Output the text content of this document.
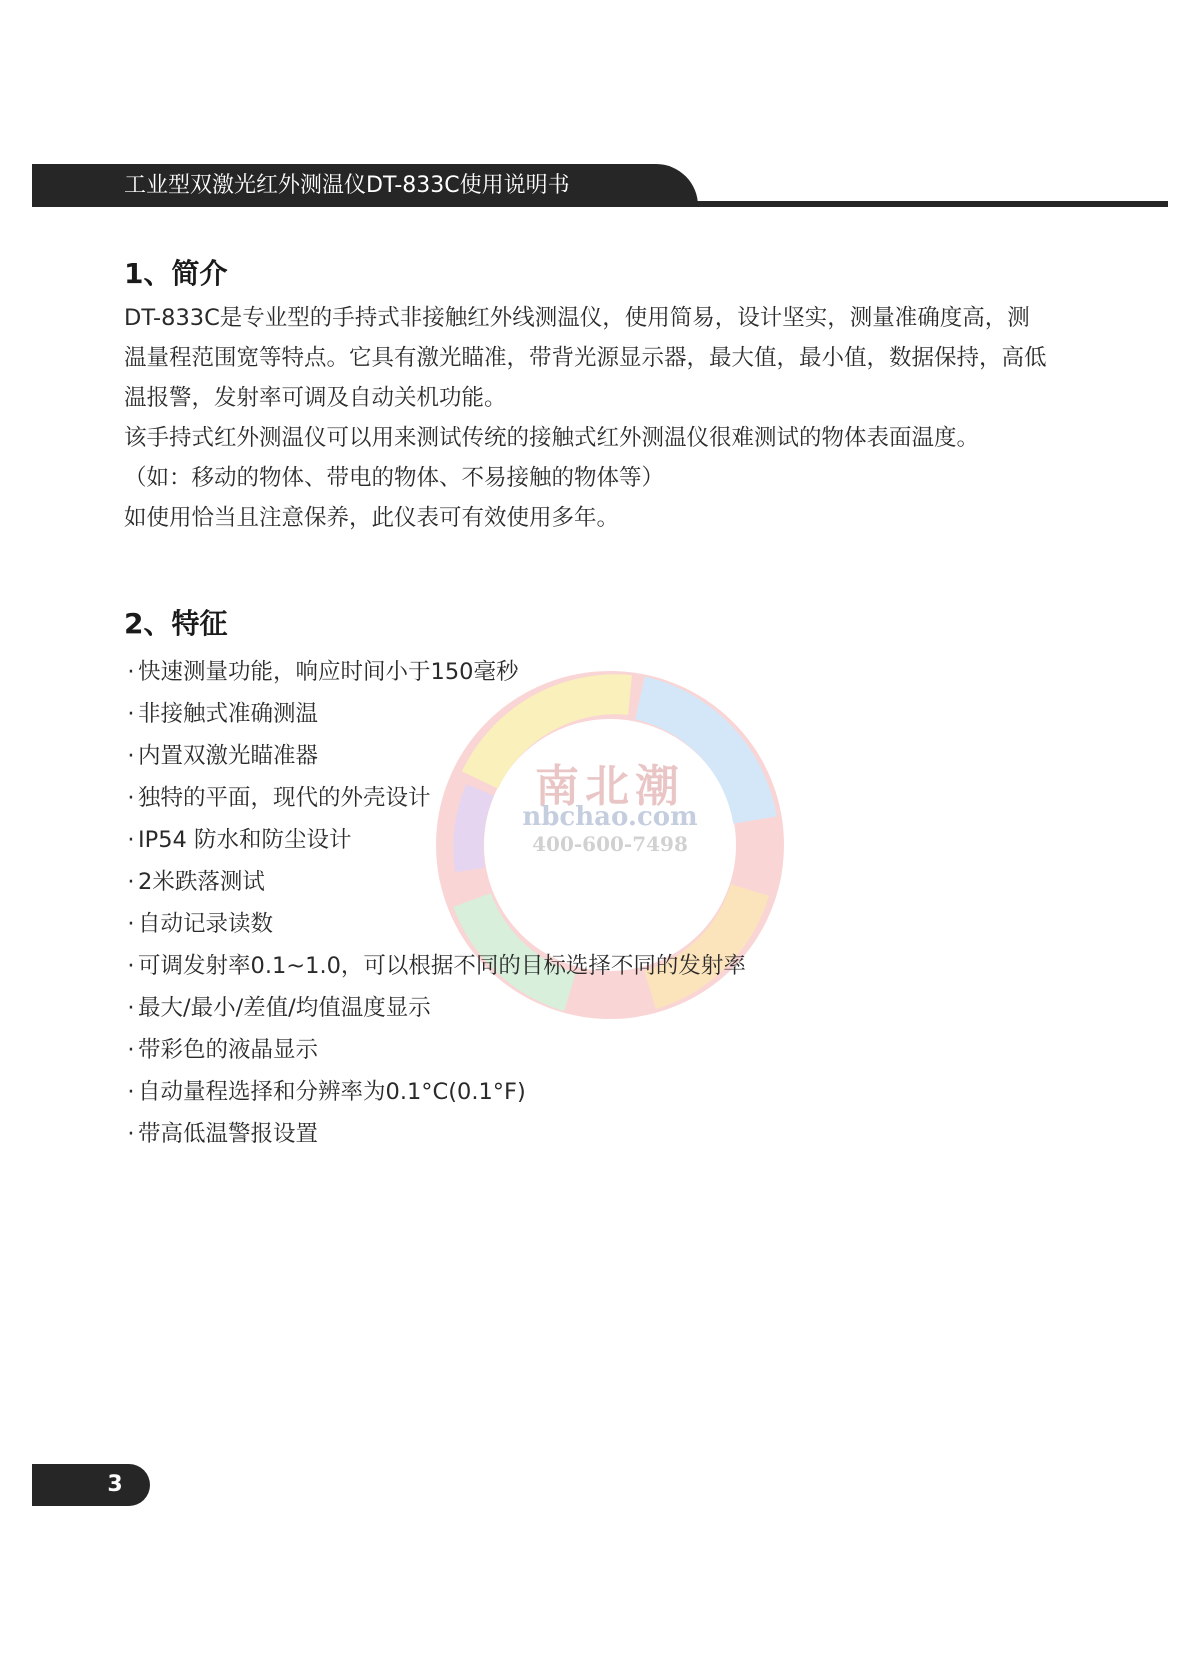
工业型双激光红外测温仪DT-833C使用说明书
1、简介
DT-833C是专业型的手持式非接触红外线测温仪，使用简易，设计坚实，测量准确度高，测
温量程范围宽等特点。它具有激光瞄准，带背光源显示器，最大值，最小值，数据保持，高低
温报警，发射率可调及自动关机功能。
该手持式红外测温仪可以用来测试传统的接触式红外测温仪很难测试的物体表面温度。
（如：移动的物体、带电的物体、不易接触的物体等）
如使用恰当且注意保养，此仪表可有效使用多年。
2、特征
南北潮
nbchao.com
400-600-7498
· 快速测量功能，响应时间小于150毫秒
· 非接触式准确测温
· 内置双激光瞄准器
· 独特的平面，现代的外壳设计
· IP54 防水和防尘设计
· 2米跌落测试
· 自动记录读数
· 可调发射率0.1~1.0，可以根据不同的目标选择不同的发射率
· 最大/最小/差值/均值温度显示
· 带彩色的液晶显示
· 自动量程选择和分辨率为0.1°C(0.1°F)
· 带高低温警报设置
3
